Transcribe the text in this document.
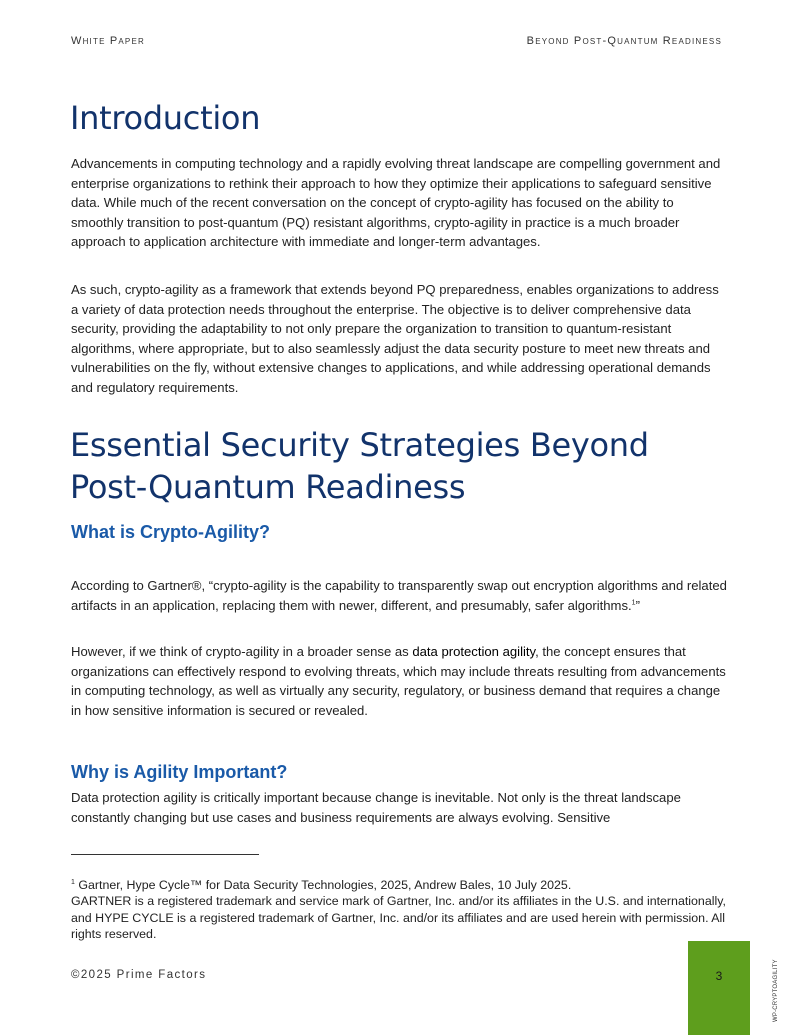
White Paper	Beyond Post-Quantum Readiness
Introduction

Advancements in computing technology and a rapidly evolving threat landscape are compelling government and enterprise organizations to rethink their approach to how they optimize their applications to safeguard sensitive data. While much of the recent conversation on the concept of crypto-agility has focused on the ability to smoothly transition to post-quantum (PQ) resistant algorithms, crypto-agility in practice is a much broader approach to application architecture with immediate and longer-term advantages.

As such, crypto-agility as a framework that extends beyond PQ preparedness, enables organizations to address a variety of data protection needs throughout the enterprise. The objective is to deliver comprehensive data security, providing the adaptability to not only prepare the organization to transition to quantum-resistant algorithms, where appropriate, but to also seamlessly adjust the data security posture to meet new threats and vulnerabilities on the fly, without extensive changes to applications, and while addressing operational demands and regulatory requirements.

Essential Security Strategies Beyond
Post-Quantum Readiness
What is Crypto-Agility?

According to Gartner®, “crypto-agility is the capability to transparently swap out encryption algorithms and related artifacts in an application, replacing them with newer, different, and presumably, safer algorithms.$^1$”

However, if we think of crypto-agility in a broader sense as data protection agility, the concept ensures that organizations can effectively respond to evolving threats, which may include threats resulting from advancements in computing technology, as well as virtually any security, regulatory, or business demand that requires a change in how sensitive information is secured or revealed.

Why is Agility Important?

Data protection agility is critically important because change is inevitable. Not only is the threat landscape constantly changing but use cases and business requirements are always evolving. Sensitive

$^1$ Gartner, Hype Cycle™ for Data Security Technologies, 2025, Andrew Bales, 10 July 2025.
GARTNER is a registered trademark and service mark of Gartner, Inc. and/or its affiliates in the U.S. and internationally, and HYPE CYCLE is a registered trademark of Gartner, Inc. and/or its affiliates and are used herein with permission. All rights reserved.

©2025 Prime Factors	3	WP-CRYPTOAGILITY
